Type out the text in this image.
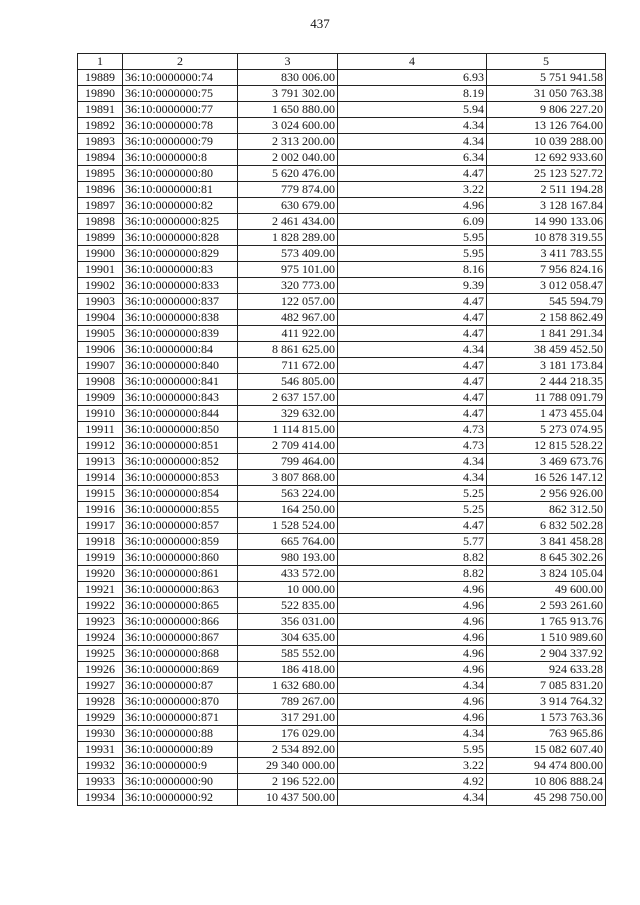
437
1	2	3	4	5
19889	36:10:0000000:74	830 006.00	6.93	5 751 941.58
19890	36:10:0000000:75	3 791 302.00	8.19	31 050 763.38
19891	36:10:0000000:77	1 650 880.00	5.94	9 806 227.20
19892	36:10:0000000:78	3 024 600.00	4.34	13 126 764.00
19893	36:10:0000000:79	2 313 200.00	4.34	10 039 288.00
19894	36:10:0000000:8	2 002 040.00	6.34	12 692 933.60
19895	36:10:0000000:80	5 620 476.00	4.47	25 123 527.72
19896	36:10:0000000:81	779 874.00	3.22	2 511 194.28
19897	36:10:0000000:82	630 679.00	4.96	3 128 167.84
19898	36:10:0000000:825	2 461 434.00	6.09	14 990 133.06
19899	36:10:0000000:828	1 828 289.00	5.95	10 878 319.55
19900	36:10:0000000:829	573 409.00	5.95	3 411 783.55
19901	36:10:0000000:83	975 101.00	8.16	7 956 824.16
19902	36:10:0000000:833	320 773.00	9.39	3 012 058.47
19903	36:10:0000000:837	122 057.00	4.47	545 594.79
19904	36:10:0000000:838	482 967.00	4.47	2 158 862.49
19905	36:10:0000000:839	411 922.00	4.47	1 841 291.34
19906	36:10:0000000:84	8 861 625.00	4.34	38 459 452.50
19907	36:10:0000000:840	711 672.00	4.47	3 181 173.84
19908	36:10:0000000:841	546 805.00	4.47	2 444 218.35
19909	36:10:0000000:843	2 637 157.00	4.47	11 788 091.79
19910	36:10:0000000:844	329 632.00	4.47	1 473 455.04
19911	36:10:0000000:850	1 114 815.00	4.73	5 273 074.95
19912	36:10:0000000:851	2 709 414.00	4.73	12 815 528.22
19913	36:10:0000000:852	799 464.00	4.34	3 469 673.76
19914	36:10:0000000:853	3 807 868.00	4.34	16 526 147.12
19915	36:10:0000000:854	563 224.00	5.25	2 956 926.00
19916	36:10:0000000:855	164 250.00	5.25	862 312.50
19917	36:10:0000000:857	1 528 524.00	4.47	6 832 502.28
19918	36:10:0000000:859	665 764.00	5.77	3 841 458.28
19919	36:10:0000000:860	980 193.00	8.82	8 645 302.26
19920	36:10:0000000:861	433 572.00	8.82	3 824 105.04
19921	36:10:0000000:863	10 000.00	4.96	49 600.00
19922	36:10:0000000:865	522 835.00	4.96	2 593 261.60
19923	36:10:0000000:866	356 031.00	4.96	1 765 913.76
19924	36:10:0000000:867	304 635.00	4.96	1 510 989.60
19925	36:10:0000000:868	585 552.00	4.96	2 904 337.92
19926	36:10:0000000:869	186 418.00	4.96	924 633.28
19927	36:10:0000000:87	1 632 680.00	4.34	7 085 831.20
19928	36:10:0000000:870	789 267.00	4.96	3 914 764.32
19929	36:10:0000000:871	317 291.00	4.96	1 573 763.36
19930	36:10:0000000:88	176 029.00	4.34	763 965.86
19931	36:10:0000000:89	2 534 892.00	5.95	15 082 607.40
19932	36:10:0000000:9	29 340 000.00	3.22	94 474 800.00
19933	36:10:0000000:90	2 196 522.00	4.92	10 806 888.24
19934	36:10:0000000:92	10 437 500.00	4.34	45 298 750.00
